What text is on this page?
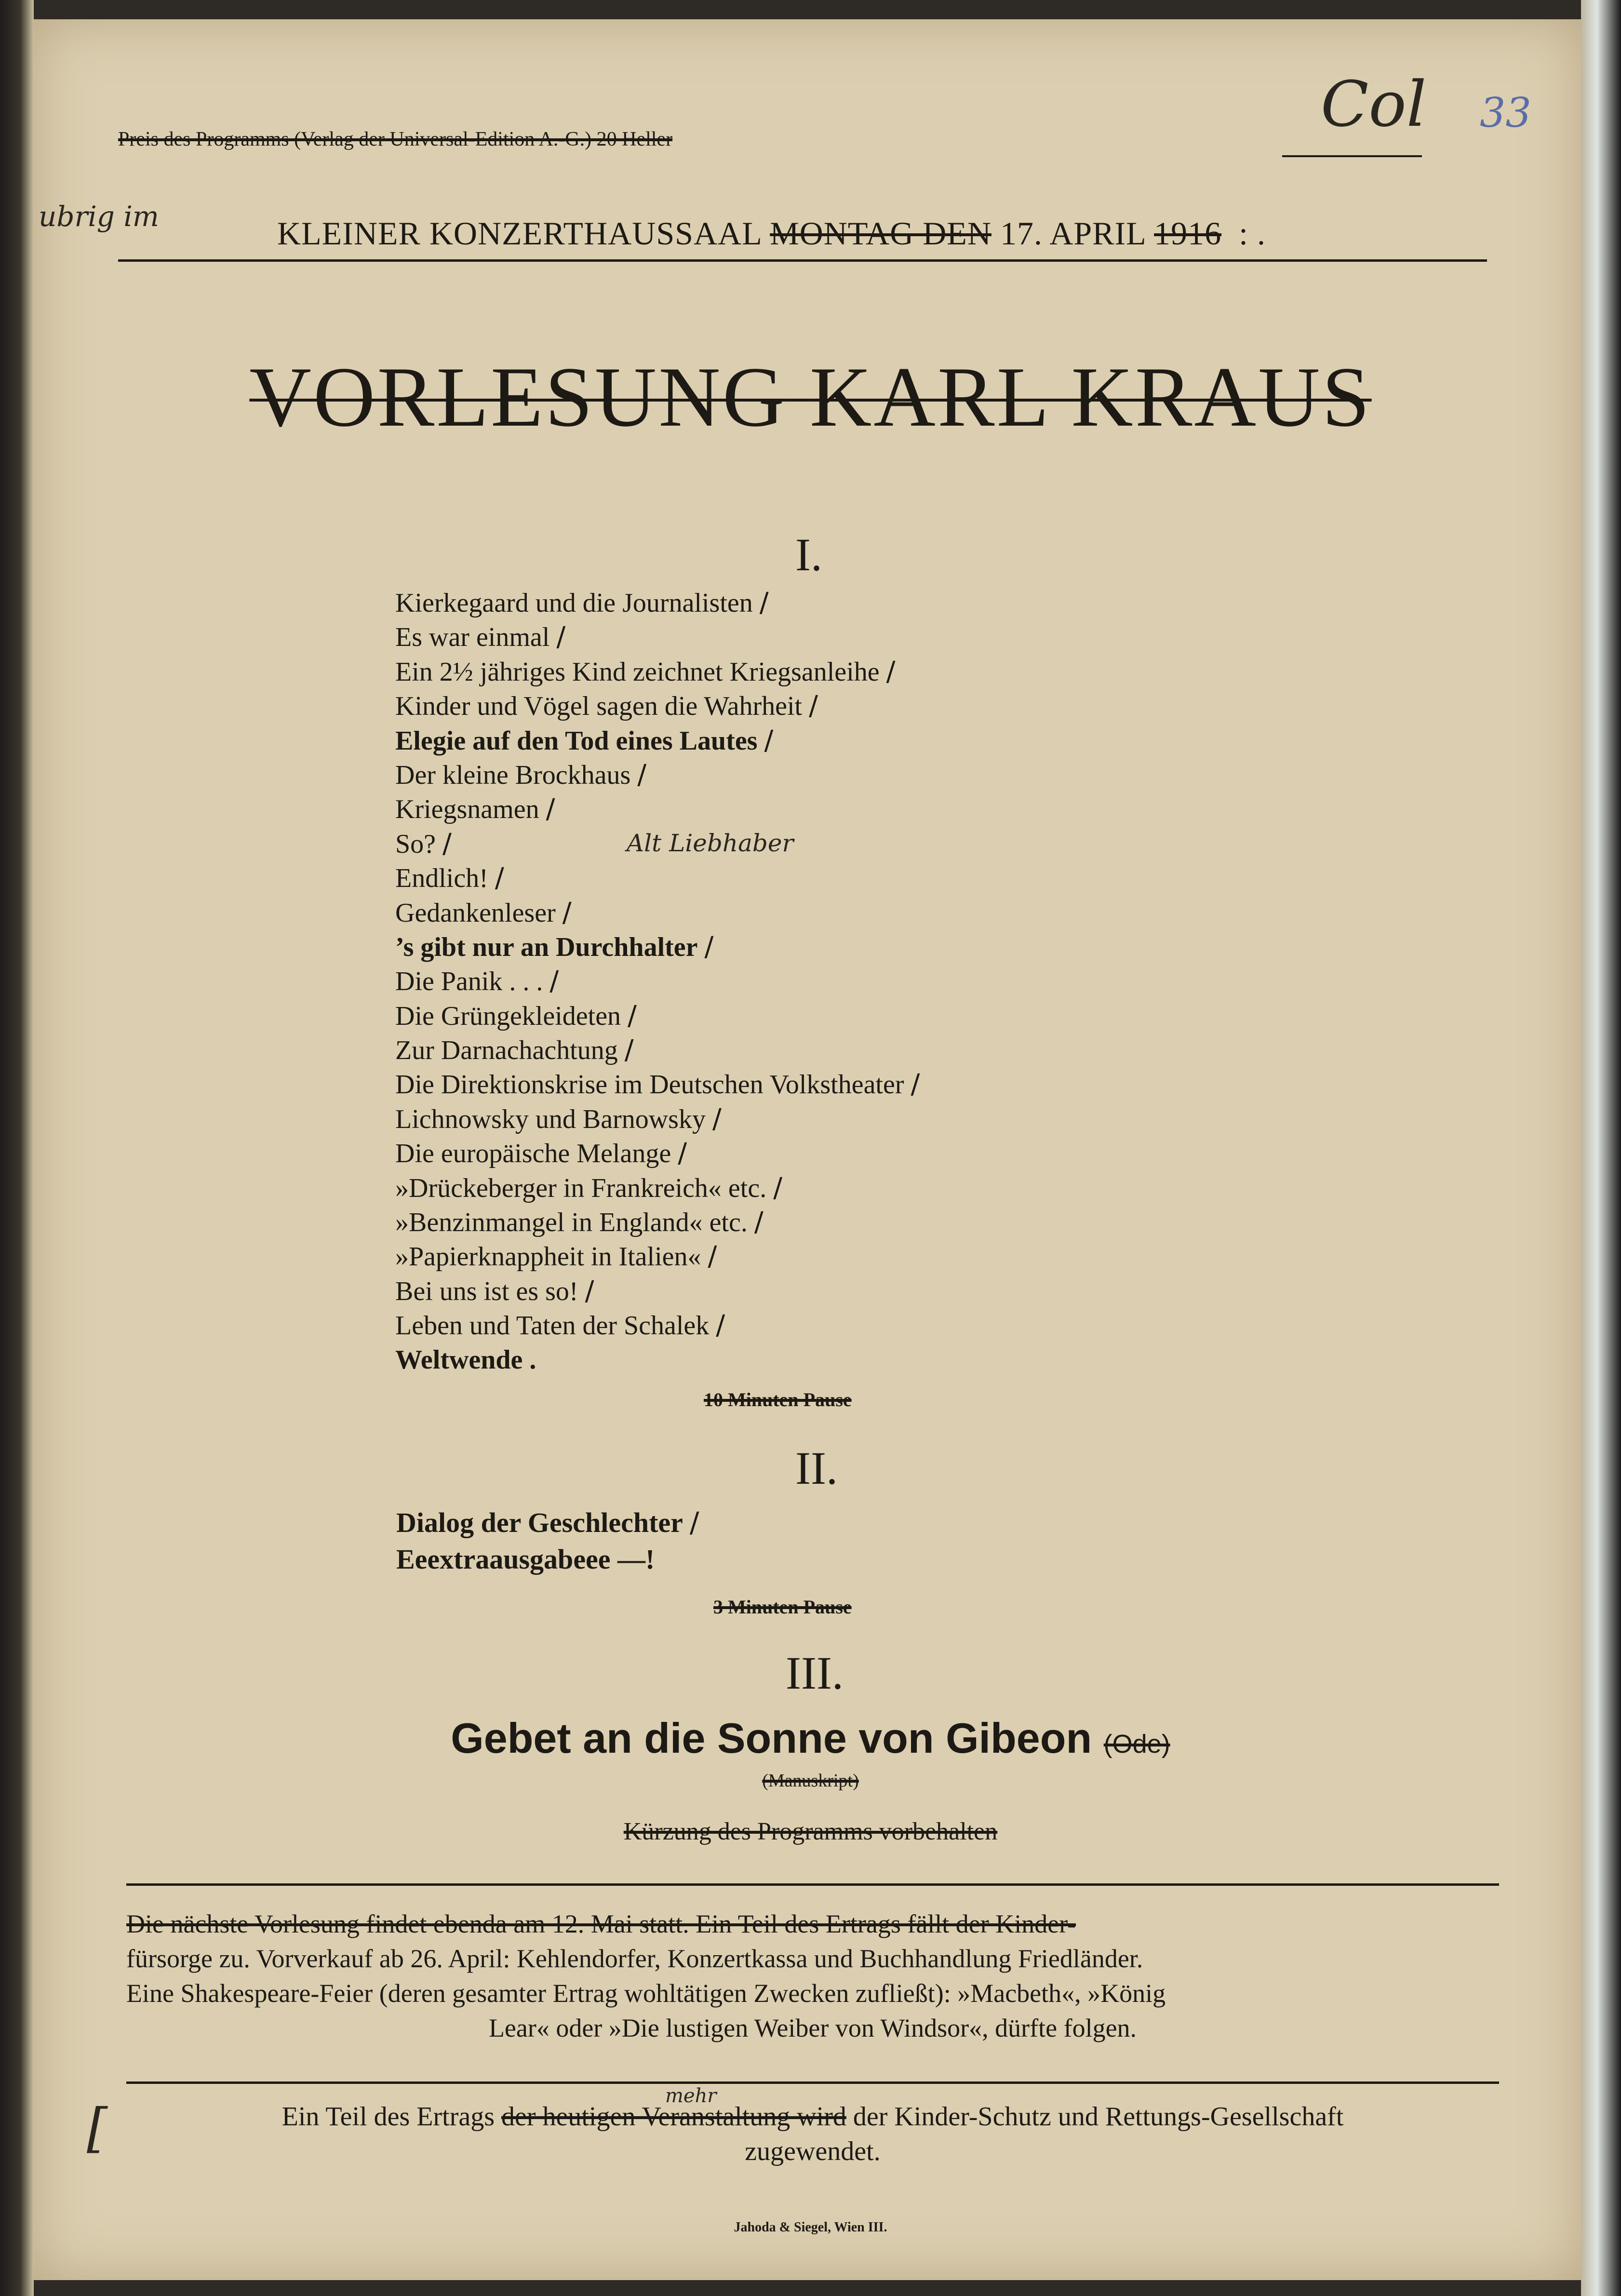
Col 33
ubrig im
Preis des Programms (Verlag der Universal-Edition A.-G.) 20 Heller
KLEINER KONZERTHAUSSAAL MONTAG DEN 17. APRIL 1916  : .
VORLESUNG KARL KRAUS
I.
Kierkegaard und die Journalisten /
Es war einmal /
Ein 2½ jähriges Kind zeichnet Kriegsanleihe /
Kinder und Vögel sagen die Wahrheit /
Elegie auf den Tod eines Lautes /
Der kleine Brockhaus /
Kriegsnamen /
So? /
Endlich! /
Gedankenleser /
’s gibt nur an Durchhalter /
Die Panik . . . /
Die Grüngekleideten /
Zur Darnachachtung /
Die Direktionskrise im Deutschen Volkstheater /
Lichnowsky und Barnowsky /
Die europäische Melange /
»Drückeberger in Frankreich« etc. /
»Benzinmangel in England« etc. /
»Papierknappheit in Italien« /
Bei uns ist es so! /
Leben und Taten der Schalek /
Weltwende .
Alt Liebhaber
10 Minuten Pause
II.
Dialog der Geschlechter /
Eeextraausgabeee —!
3 Minuten Pause
III.
Gebet an die Sonne von Gibeon (Ode)
(Manuskript)
Kürzung des Programms vorbehalten
Die nächste Vorlesung findet ebenda am 12. Mai statt. Ein Teil des Ertrags fällt der Kinder-
fürsorge zu. Vorverkauf ab 26. April: Kehlendorfer, Konzertkassa und Buchhandlung Friedländer.
Eine Shakespeare-Feier (deren gesamter Ertrag wohltätigen Zwecken zufließt): »Macbeth«, »König
Lear« oder »Die lustigen Weiber von Windsor«, dürfte folgen.
mehr
Ein Teil des Ertrags der heutigen Veranstaltung wird der Kinder-Schutz und Rettungs-Gesellschaft
zugewendet.
[
Jahoda & Siegel, Wien III.
